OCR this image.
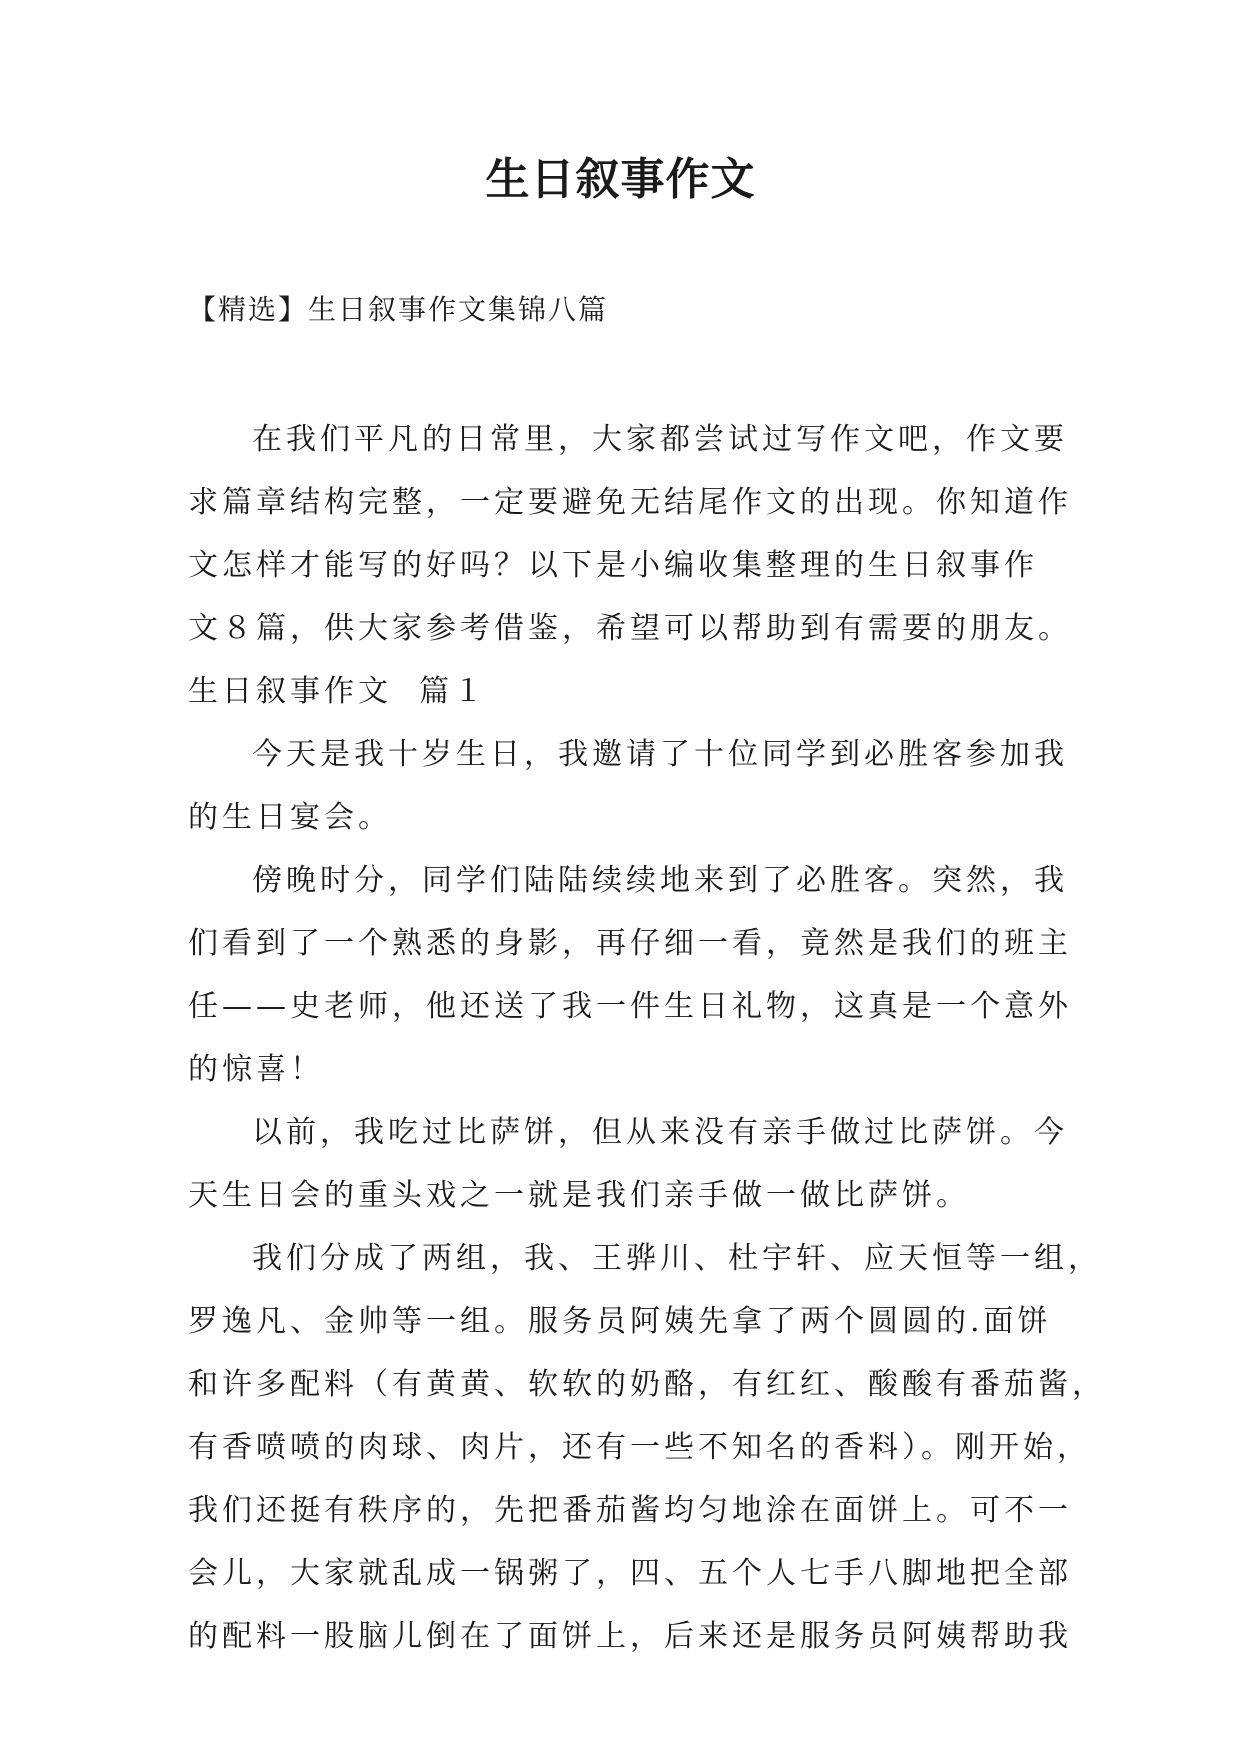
生日叙事作文

【精选】生日叙事作文集锦八篇

在我们平凡的日常里，大家都尝试过写作文吧，作文要

求篇章结构完整，一定要避免无结尾作文的出现。你知道作

文怎样才能写的好吗？以下是小编收集整理的生日叙事作

文８篇，供大家参考借鉴，希望可以帮助到有需要的朋友。

生日叙事作文  篇１

今天是我十岁生日，我邀请了十位同学到必胜客参加我

的生日宴会。

傍晚时分，同学们陆陆续续地来到了必胜客。突然，我

们看到了一个熟悉的身影，再仔细一看，竟然是我们的班主

任——史老师，他还送了我一件生日礼物，这真是一个意外

的惊喜！

以前，我吃过比萨饼，但从来没有亲手做过比萨饼。今

天生日会的重头戏之一就是我们亲手做一做比萨饼。

我们分成了两组，我、王骅川、杜宇轩、应天恒等一组，

罗逸凡、金帅等一组。服务员阿姨先拿了两个圆圆的.面饼

和许多配料（有黄黄、软软的奶酪，有红红、酸酸有番茄酱，

有香喷喷的肉球、肉片，还有一些不知名的香料）。刚开始，

我们还挺有秩序的，先把番茄酱均匀地涂在面饼上。可不一

会儿，大家就乱成一锅粥了，四、五个人七手八脚地把全部

的配料一股脑儿倒在了面饼上，后来还是服务员阿姨帮助我
